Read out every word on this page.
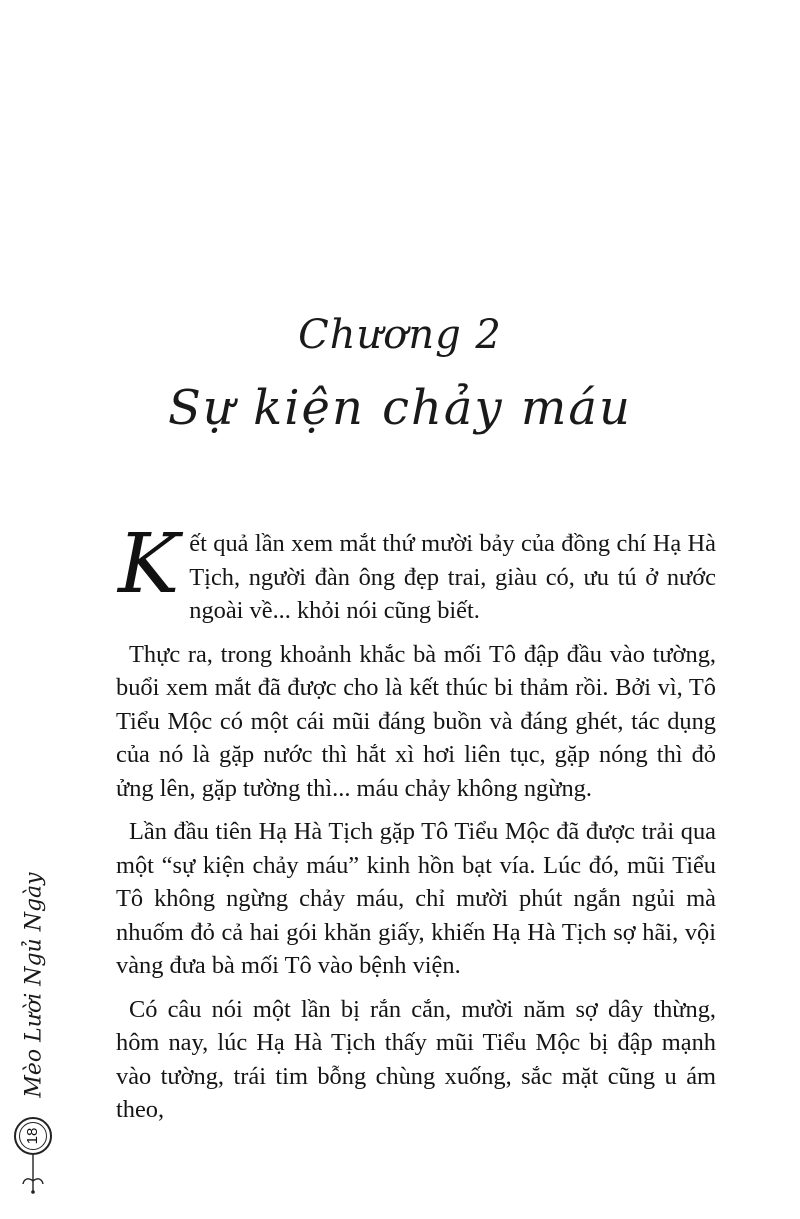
Chương 2
Sự kiện chảy máu

Kết quả lần xem mắt thứ mười bảy của đồng chí Hạ Hà Tịch, người đàn ông đẹp trai, giàu có, ưu tú ở nước ngoài về... khỏi nói cũng biết.

Thực ra, trong khoảnh khắc bà mối Tô đập đầu vào tường, buổi xem mắt đã được cho là kết thúc bi thảm rồi. Bởi vì, Tô Tiểu Mộc có một cái mũi đáng buồn và đáng ghét, tác dụng của nó là gặp nước thì hắt xì hơi liên tục, gặp nóng thì đỏ ửng lên, gặp tường thì... máu chảy không ngừng.

Lần đầu tiên Hạ Hà Tịch gặp Tô Tiểu Mộc đã được trải qua một “sự kiện chảy máu” kinh hồn bạt vía. Lúc đó, mũi Tiểu Tô không ngừng chảy máu, chỉ mười phút ngắn ngủi mà nhuốm đỏ cả hai gói khăn giấy, khiến Hạ Hà Tịch sợ hãi, vội vàng đưa bà mối Tô vào bệnh viện.

Có câu nói một lần bị rắn cắn, mười năm sợ dây thừng, hôm nay, lúc Hạ Hà Tịch thấy mũi Tiểu Mộc bị đập mạnh vào tường, trái tim bỗng chùng xuống, sắc mặt cũng u ám theo,

Mèo Lười Ngủ Ngày
18
